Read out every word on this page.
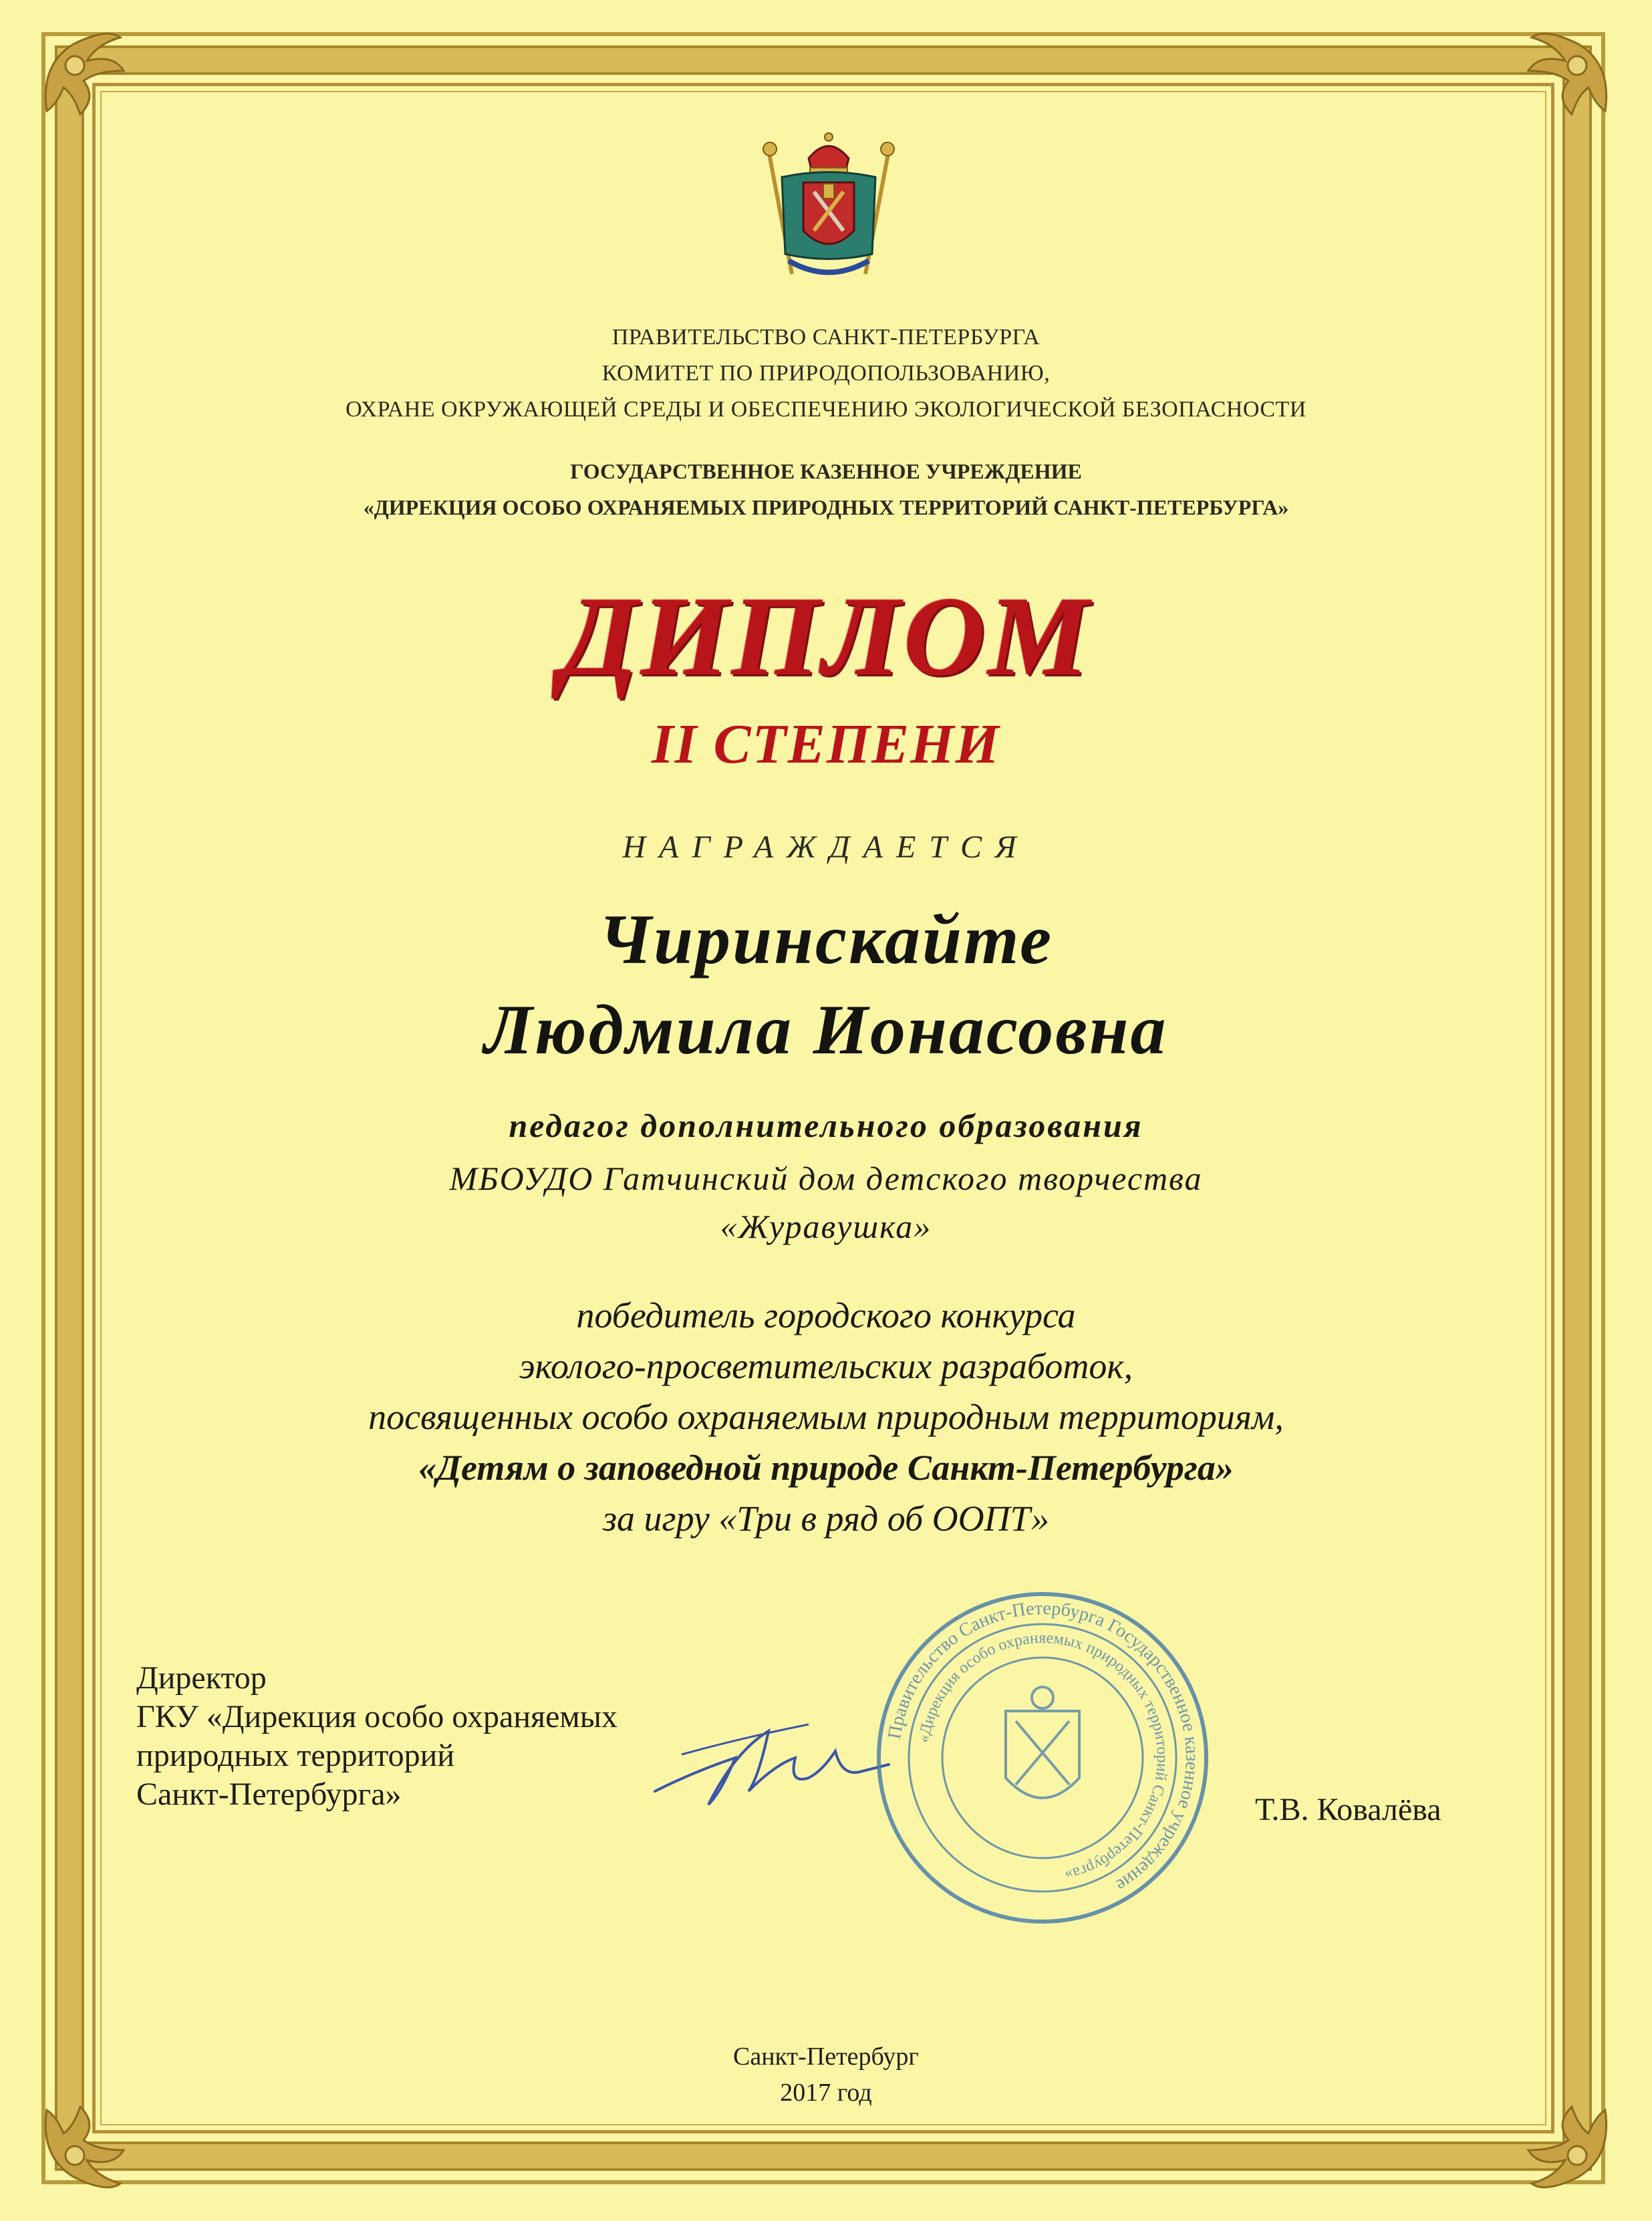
ПРАВИТЕЛЬСТВО САНКТ-ПЕТЕРБУРГА
КОМИТЕТ ПО ПРИРОДОПОЛЬЗОВАНИЮ,
ОХРАНЕ ОКРУЖАЮЩЕЙ СРЕДЫ И ОБЕСПЕЧЕНИЮ ЭКОЛОГИЧЕСКОЙ БЕЗОПАСНОСТИ
ГОСУДАРСТВЕННОЕ КАЗЕННОЕ УЧРЕЖДЕНИЕ
«ДИРЕКЦИЯ ОСОБО ОХРАНЯЕМЫХ ПРИРОДНЫХ ТЕРРИТОРИЙ САНКТ-ПЕТЕРБУРГА»
ДИПЛОМ
II СТЕПЕНИ
НАГРАЖДАЕТСЯ
Чиринскайте
Людмила Ионасовна
педагог дополнительного образования
МБОУДО Гатчинский дом детского творчества
«Журавушка»
победитель городского конкурса
эколого-просветительских разработок,
посвященных особо охраняемым природным территориям,
«Детям о заповедной природе Санкт-Петербурга»
за игру «Три в ряд об ООПТ»
Директор
ГКУ «Дирекция особо охраняемых
природных территорий
Санкт-Петербурга»
Правительство Санкт-Петербурга Государственное казенное учреждение
«Дирекция особо охраняемых природных территорий Санкт-Петербурга»
Т.В. Ковалёва
Санкт-Петербург
2017 год
